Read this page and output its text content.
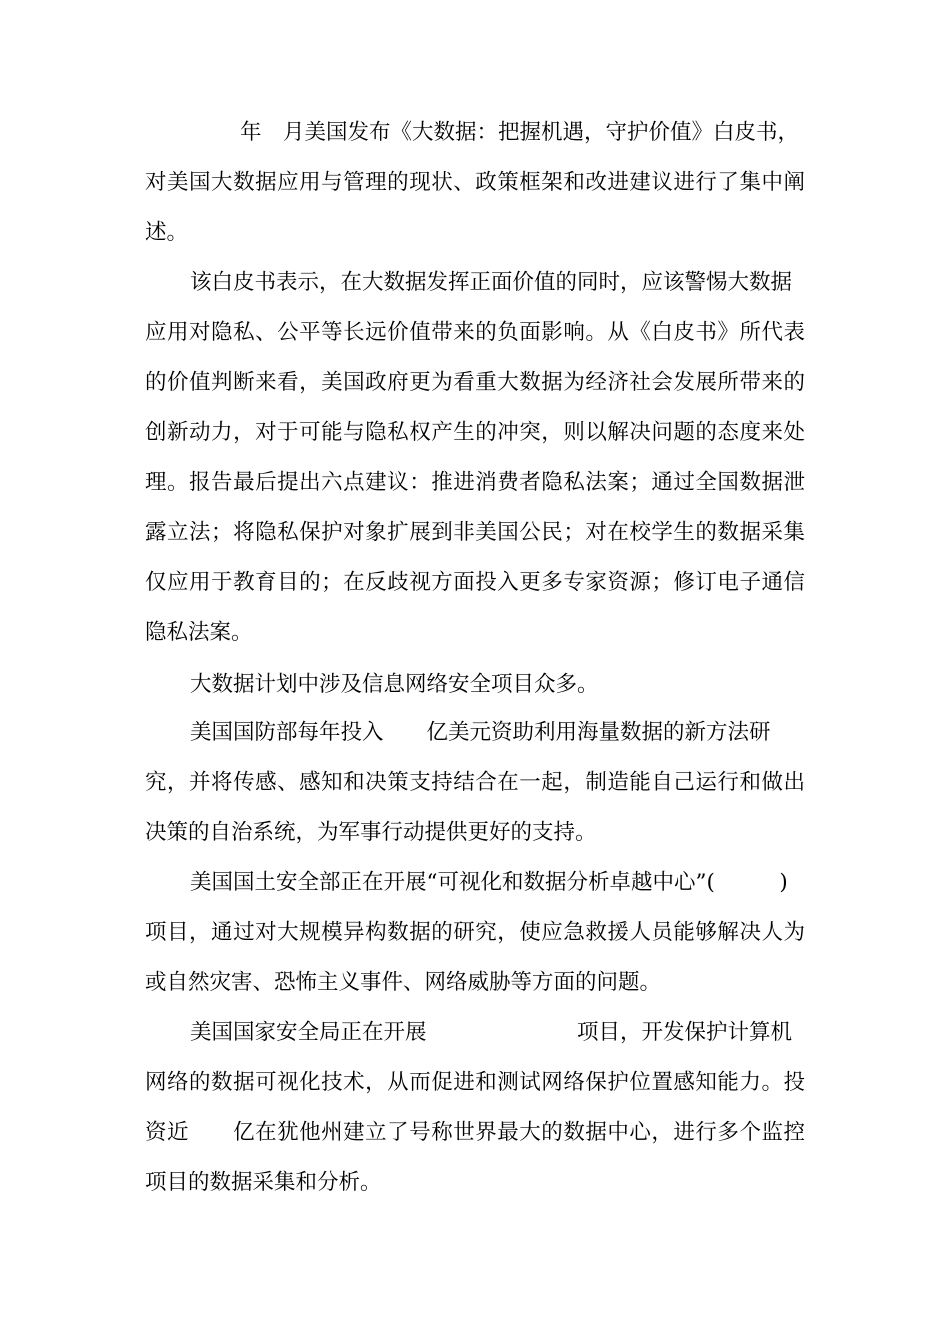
年　月美国发布《大数据：把握机遇，守护价值》白皮书，
对美国大数据应用与管理的现状、政策框架和改进建议进行了集中阐
述。
该白皮书表示，在大数据发挥正面价值的同时，应该警惕大数据
应用对隐私、公平等长远价值带来的负面影响。从《白皮书》所代表
的价值判断来看，美国政府更为看重大数据为经济社会发展所带来的
创新动力，对于可能与隐私权产生的冲突，则以解决问题的态度来处
理。报告最后提出六点建议：推进消费者隐私法案；通过全国数据泄
露立法；将隐私保护对象扩展到非美国公民；对在校学生的数据采集
仅应用于教育目的；在反歧视方面投入更多专家资源；修订电子通信
隐私法案。
大数据计划中涉及信息网络安全项目众多。
美国国防部每年投入　　亿美元资助利用海量数据的新方法研
究，并将传感、感知和决策支持结合在一起，制造能自己运行和做出
决策的自治系统，为军事行动提供更好的支持。
美国国土安全部正在开展“可视化和数据分析卓越中心”(　　　)
项目，通过对大规模异构数据的研究，使应急救援人员能够解决人为
或自然灾害、恐怖主义事件、网络威胁等方面的问题。
美国国家安全局正在开展　　　　　　　项目，开发保护计算机
网络的数据可视化技术，从而促进和测试网络保护位置感知能力。投
资近　　亿在犹他州建立了号称世界最大的数据中心，进行多个监控
项目的数据采集和分析。
